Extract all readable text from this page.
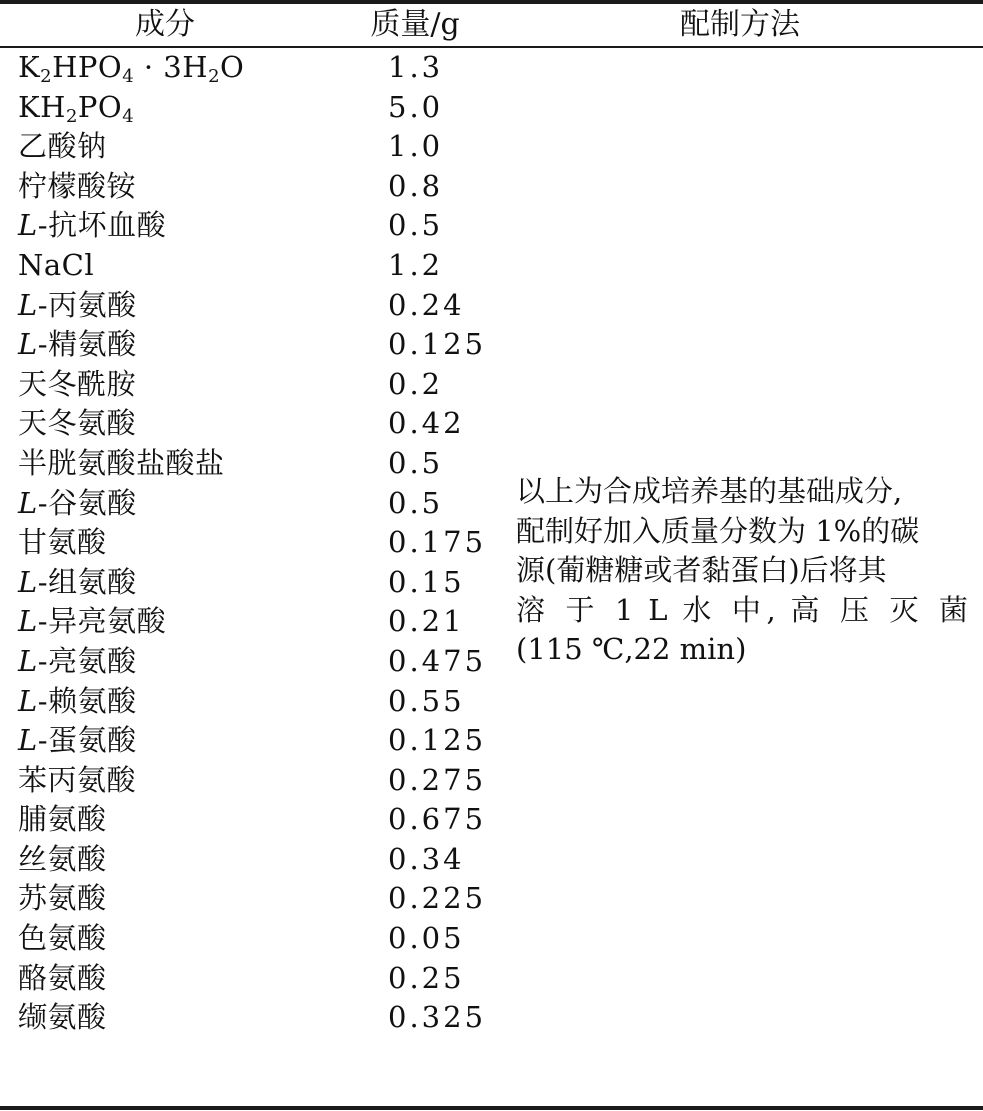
成分	质量/g	配制方法
$K_2HPO_4 \cdot 3H_2O$	1.3
$KH_2PO_4$	5.0
乙酸钠	1.0
柠檬酸铵	0.8
L-抗坏血酸	0.5
NaCl	1.2
L-丙氨酸	0.24
L-精氨酸	0.125
天冬酰胺	0.2
天冬氨酸	0.42
半胱氨酸盐酸盐	0.5
L-谷氨酸	0.5
甘氨酸	0.175
L-组氨酸	0.15
L-异亮氨酸	0.21
L-亮氨酸	0.475
L-赖氨酸	0.55
L-蛋氨酸	0.125
苯丙氨酸	0.275
脯氨酸	0.675
丝氨酸	0.34
苏氨酸	0.225
色氨酸	0.05
酪氨酸	0.25
缬氨酸	0.325
以上为合成培养基的基础成分,
配制好加入质量分数为 1%的碳
源(葡糖糖或者黏蛋白)后将其
溶 于 1 L 水 中, 高 压 灭 菌
(115 ℃,22 min)
